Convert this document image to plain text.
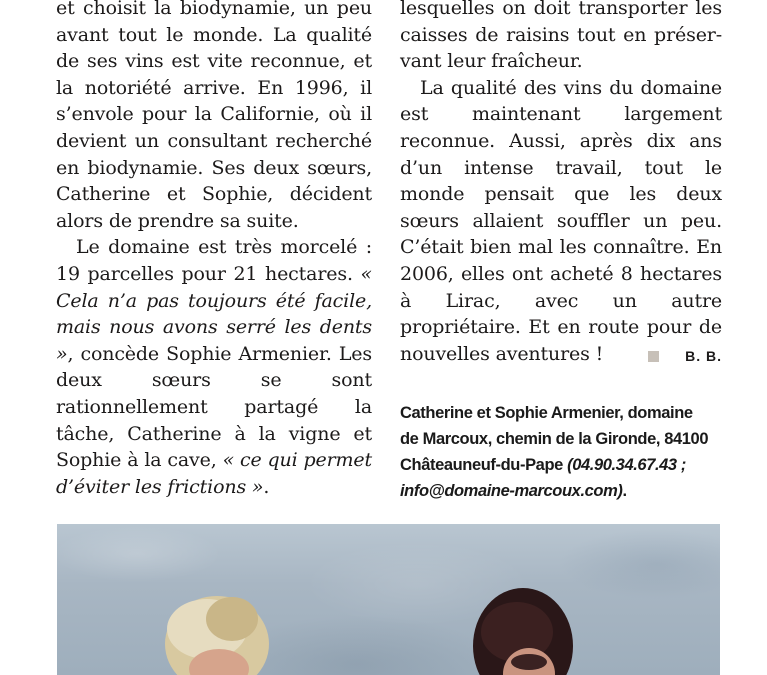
et choisit la biodynamie, un peu avant tout le monde. La qualité de ses vins est vite reconnue, et la notoriété arrive. En 1996, il s’envole pour la Californie, où il devient un consultant recherché en biodynamie. Ses deux sœurs, Catherine et Sophie, décident alors de prendre sa suite.

Le domaine est très morcelé : 19 parcelles pour 21 hectares. « Cela n’a pas toujours été facile, mais nous avons serré les dents », concède Sophie Armenier. Les deux sœurs se sont rationnellement partagé la tâche, Catherine à la vigne et Sophie à la cave, « ce qui permet d’éviter les frictions ».

lesquelles on doit transporter les caisses de raisins tout en préser- vant leur fraîcheur.

La qualité des vins du domaine est maintenant largement reconnue. Aussi, après dix ans d’un intense travail, tout le monde pensait que les deux sœurs allaient souffler un peu. C’était bien mal les connaître. En 2006, elles ont acheté 8 hectares à Lirac, avec un autre propriétaire. Et en route pour de nouvelles aventures !	B. B.

Catherine et Sophie Armenier, domaine
de Marcoux, chemin de la Gironde, 84100
Châteauneuf-du-Pape (04.90.34.67.43 ;
info@domaine-marcoux.com).
